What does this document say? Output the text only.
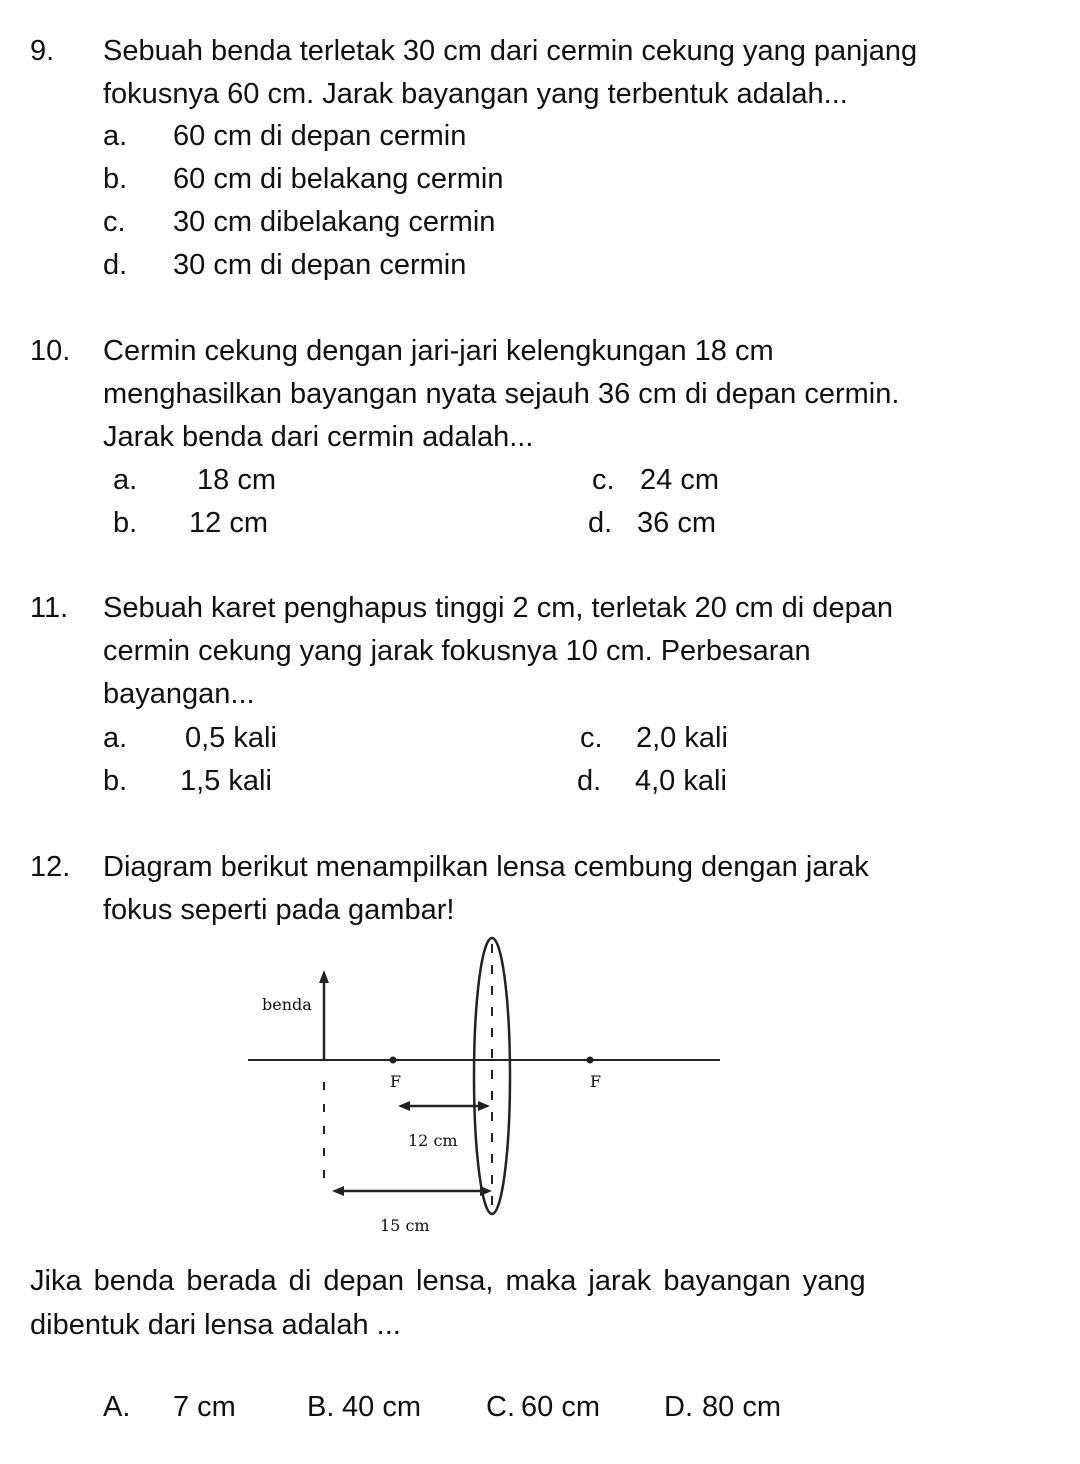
9. Sebuah benda terletak 30 cm dari cermin cekung yang panjang
fokusnya 60 cm. Jarak bayangan yang terbentuk adalah...
a. 60 cm di depan cermin
b. 60 cm di belakang cermin
c. 30 cm dibelakang cermin
d. 30 cm di depan cermin
10. Cermin cekung dengan jari-jari kelengkungan 18 cm
menghasilkan bayangan nyata sejauh 36 cm di depan cermin.
Jarak benda dari cermin adalah...
a. 18 cm
b. 12 cm
c. 24 cm
d. 36 cm
11. Sebuah karet penghapus tinggi 2 cm, terletak 20 cm di depan
cermin cekung yang jarak fokusnya 10 cm. Perbesaran
bayangan...
a. 0,5 kali
b. 1,5 kali
c. 2,0 kali
d. 4,0 kali
12. Diagram berikut menampilkan lensa cembung dengan jarak
fokus seperti pada gambar!
benda
F	F
12 cm
15 cm
Jika benda berada di depan lensa, maka jarak bayangan yang
dibentuk dari lensa adalah ...
A. 7 cm B. 40 cm C. 60 cm D. 80 cm
